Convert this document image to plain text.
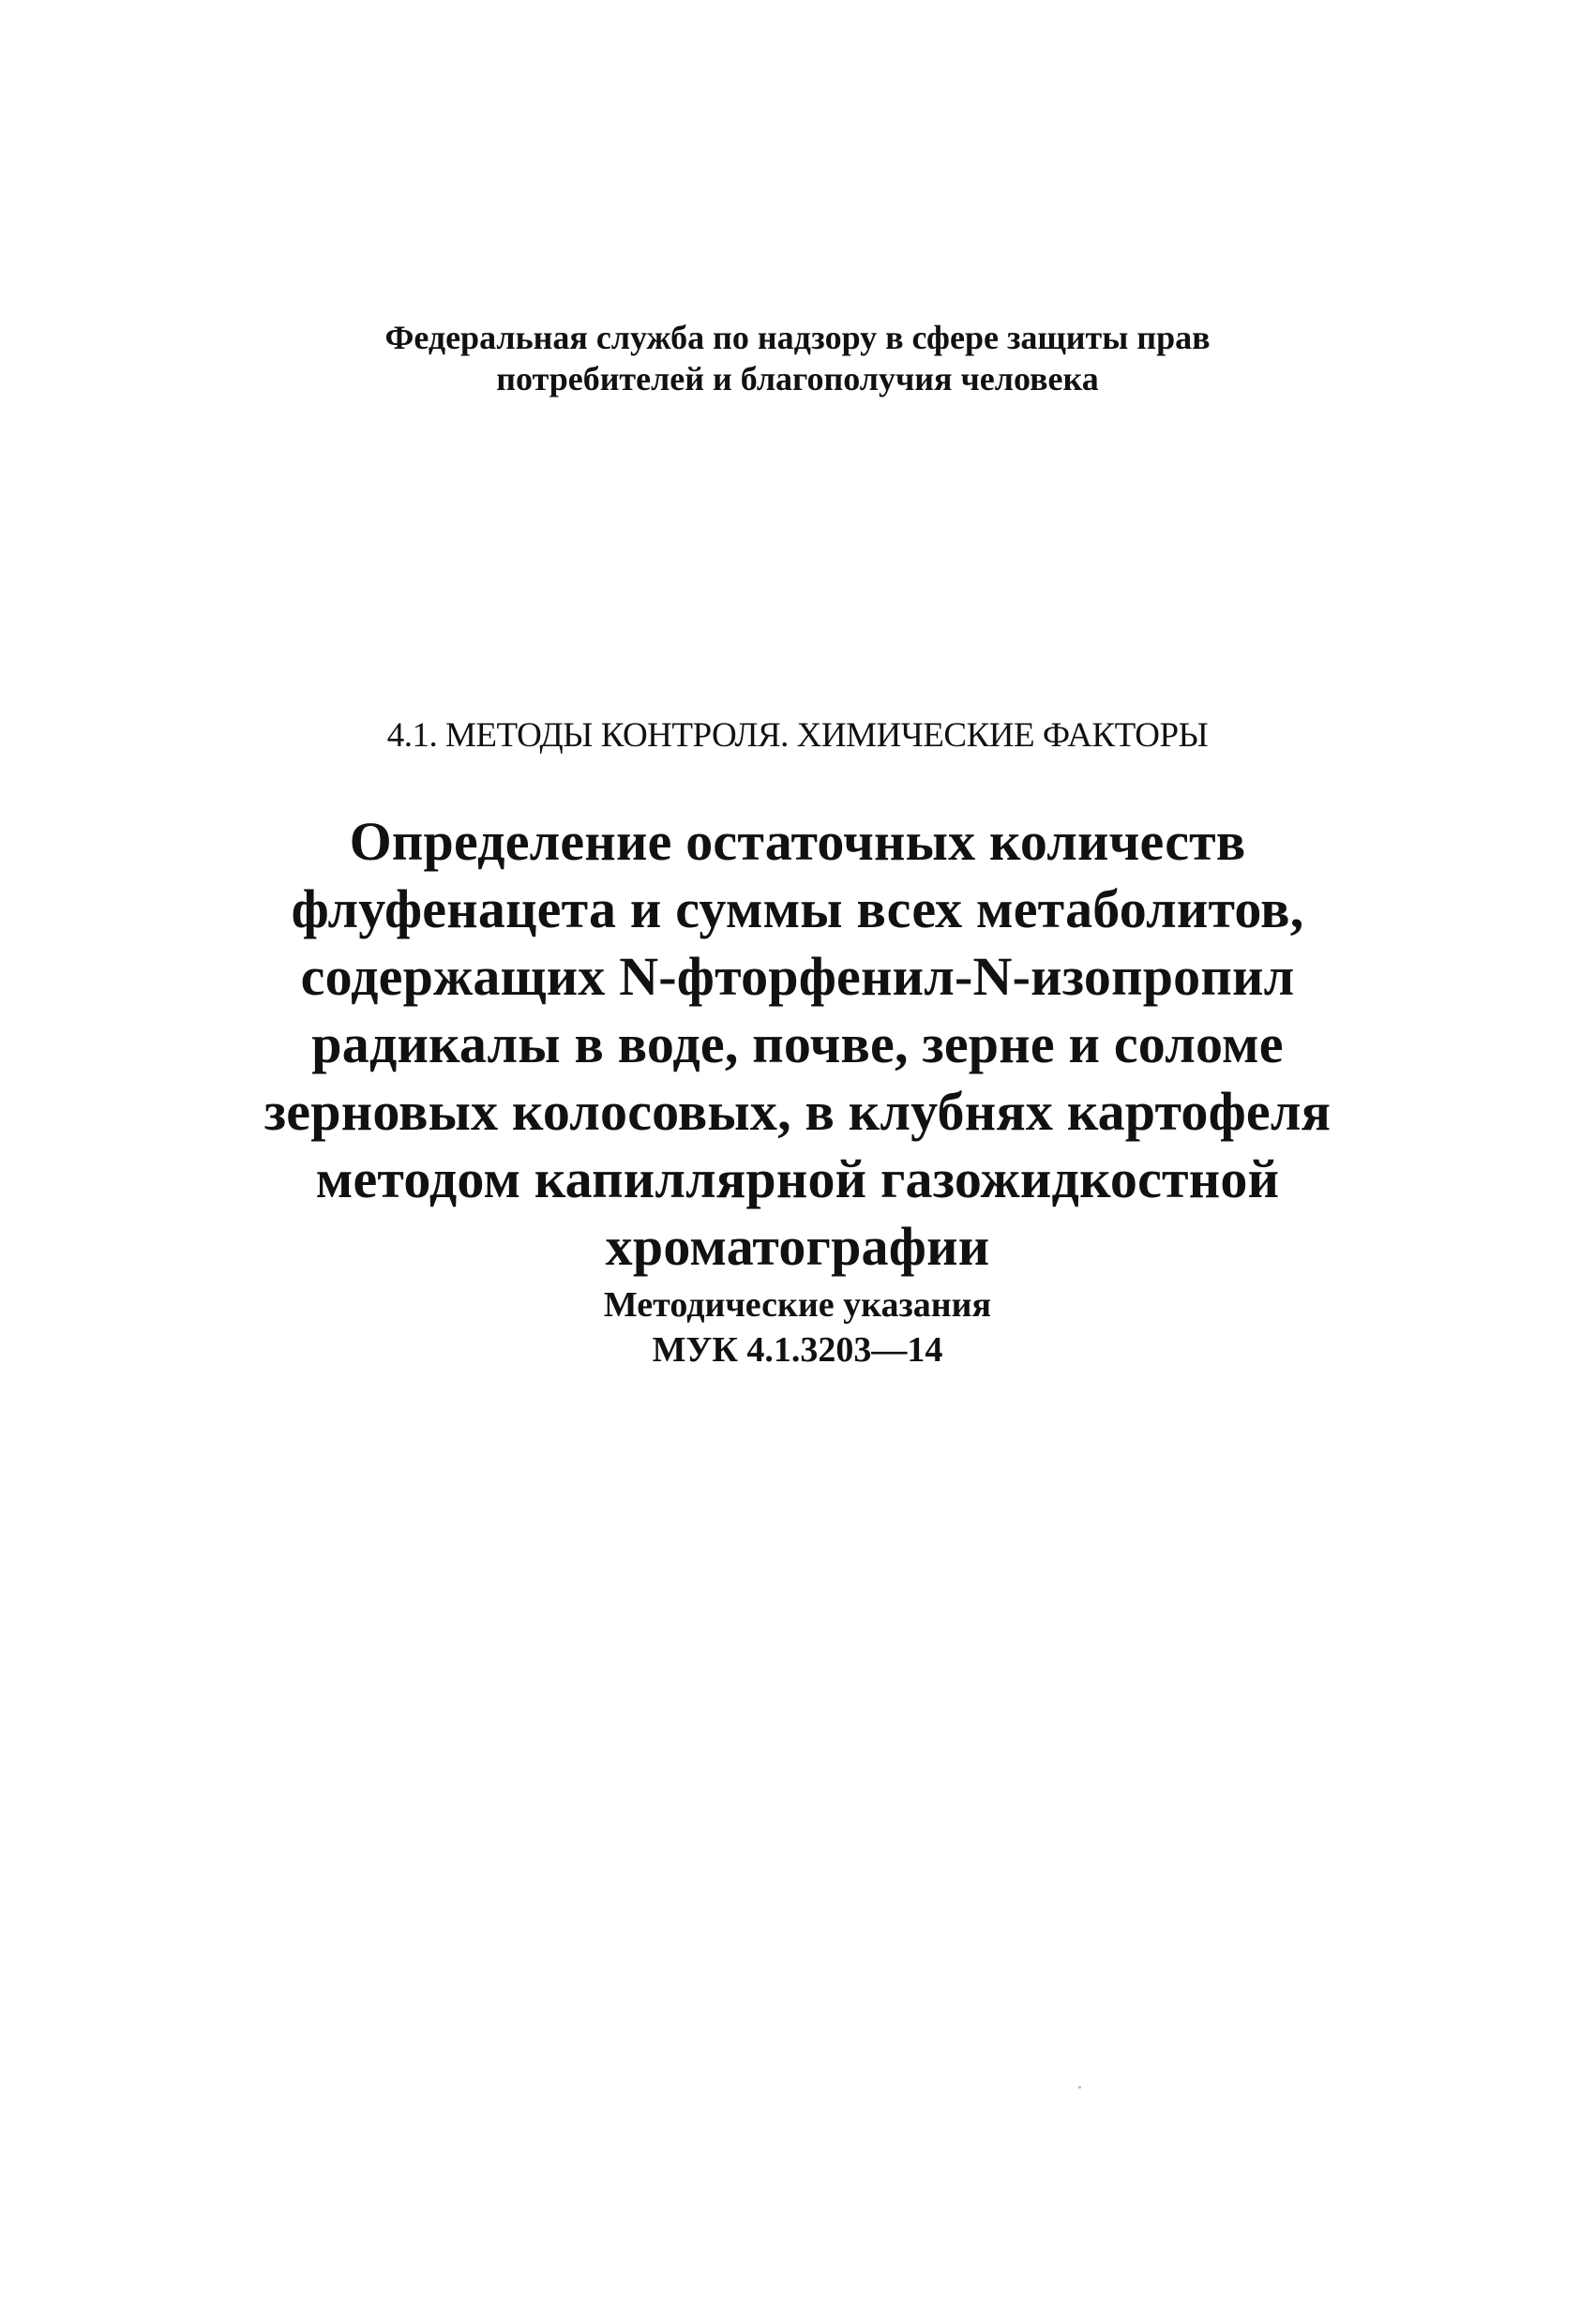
Федеральная служба по надзору в сфере защиты прав
потребителей и благополучия человека
4.1. МЕТОДЫ КОНТРОЛЯ. ХИМИЧЕСКИЕ ФАКТОРЫ
Определение остаточных количеств
флуфенацета и суммы всех метаболитов,
содержащих N-фторфенил-N-изопропил
радикалы в воде, почве, зерне и соломе
зерновых колосовых, в клубнях картофеля
методом капиллярной газожидкостной
хроматографии
Методические указания
МУК 4.1.3203—14
